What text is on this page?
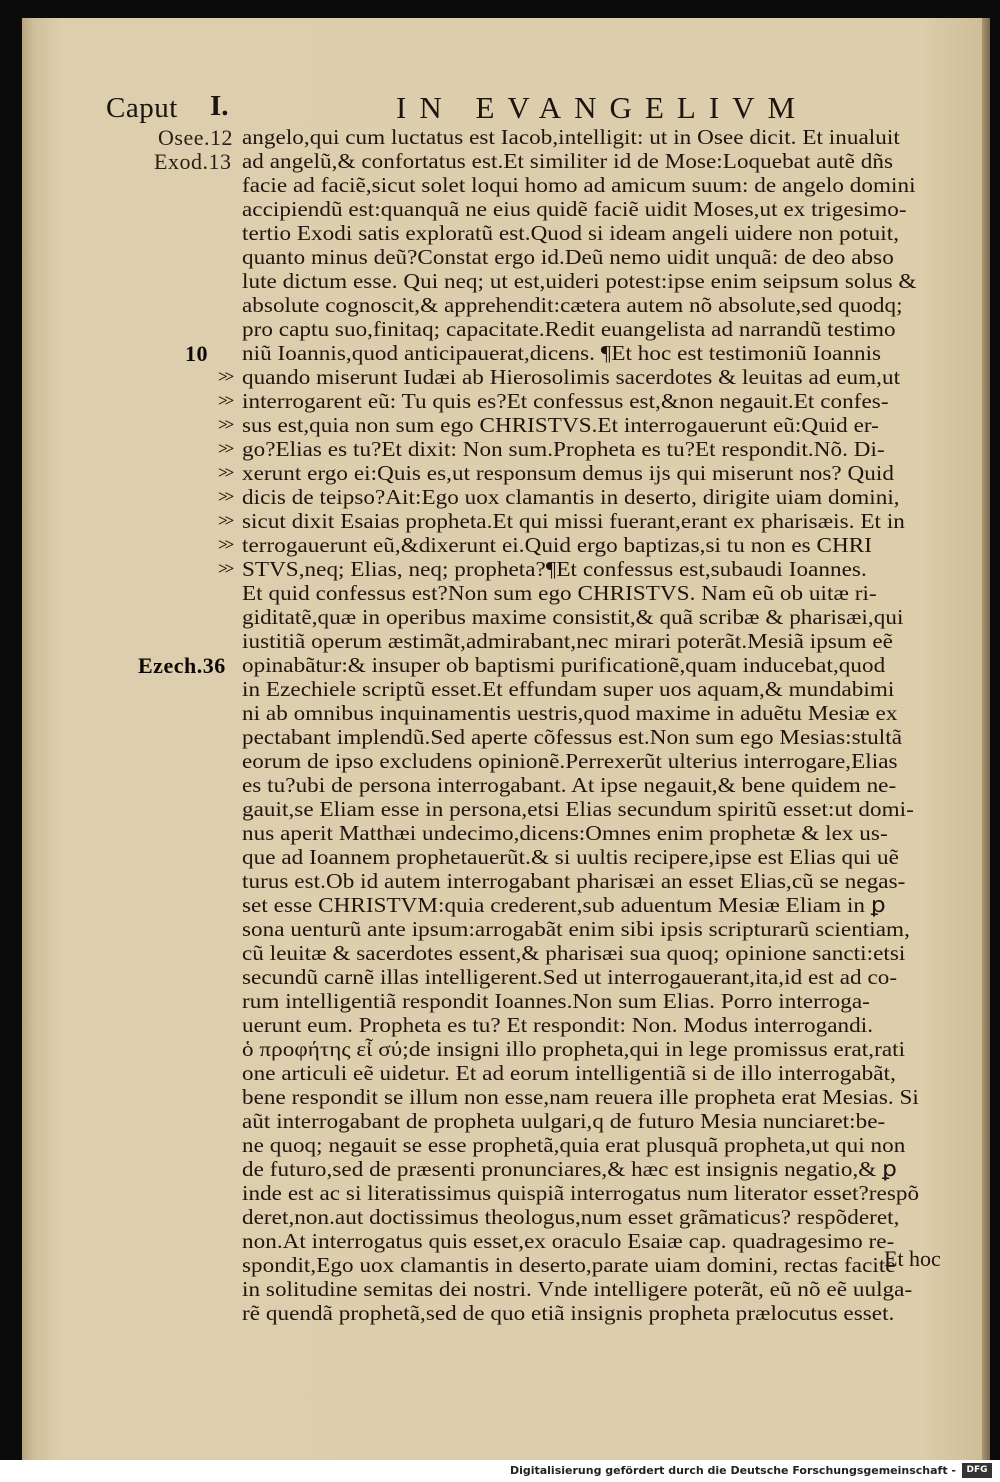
Caput I.	IN EVANGELIVM
Osee.12
Exod.13
10
Ezech.36
>>
>>
>>
>>
>>
>>
>>
>>
>>
angelo,qui cum luctatus est Iacob,intelligit: ut in Osee dicit. Et inualuit
ad angelũ,& confortatus est.Et similiter id de Mose:Loquebat autẽ dñs
facie ad faciẽ,sicut solet loqui homo ad amicum suum: de angelo domini
accipiendũ est:quanquã ne eius quidẽ faciẽ uidit Moses,ut ex trigesimo-
tertio Exodi satis exploratũ est.Quod si ideam angeli uidere non potuit,
quanto minus deũ?Constat ergo id.Deũ nemo uidit unquã: de deo abso
lute dictum esse. Qui neq; ut est,uideri potest:ipse enim seipsum solus &
absolute cognoscit,& apprehendit:cætera autem nõ absolute,sed quodq;
pro captu suo,finitaq; capacitate.Redit euangelista ad narrandũ testimo
niũ Ioannis,quod anticipauerat,dicens. ¶Et hoc est testimoniũ Ioannis
quando miserunt Iudæi ab Hierosolimis sacerdotes & leuitas ad eum,ut
interrogarent eũ: Tu quis es?Et confessus est,&non negauit.Et confes-
sus est,quia non sum ego CHRISTVS.Et interrogauerunt eũ:Quid er-
go?Elias es tu?Et dixit: Non sum.Propheta es tu?Et respondit.Nõ. Di-
xerunt ergo ei:Quis es,ut responsum demus ijs qui miserunt nos? Quid
dicis de teipso?Ait:Ego uox clamantis in deserto, dirigite uiam domini,
sicut dixit Esaias propheta.Et qui missi fuerant,erant ex pharisæis. Et in
terrogauerunt eũ,&dixerunt ei.Quid ergo baptizas,si tu non es CHRI
STVS,neq; Elias, neq; propheta?¶Et confessus est,subaudi Ioannes.
Et quid confessus est?Non sum ego CHRISTVS. Nam eũ ob uitæ ri-
giditatẽ,quæ in operibus maxime consistit,& quã scribæ & pharisæi,qui
iustitiã operum æstimãt,admirabant,nec mirari poterãt.Mesiã ipsum eẽ
opinabãtur:& insuper ob baptismi purificationẽ,quam inducebat,quod
in Ezechiele scriptũ esset.Et effundam super uos aquam,& mundabimi
ni ab omnibus inquinamentis uestris,quod maxime in aduẽtu Mesiæ ex
pectabant implendũ.Sed aperte cõfessus est.Non sum ego Mesias:stultã
eorum de ipso excludens opinionẽ.Perrexerũt ulterius interrogare,Elias
es tu?ubi de persona interrogabant. At ipse negauit,& bene quidem ne-
gauit,se Eliam esse in persona,etsi Elias secundum spiritũ esset:ut domi-
nus aperit Matthæi undecimo,dicens:Omnes enim prophetæ & lex us-
que ad Ioannem prophetauerũt.& si uultis recipere,ipse est Elias qui uẽ
turus est.Ob id autem interrogabant pharisæi an esset Elias,cũ se negas-
set esse CHRISTVM:quia crederent,sub aduentum Mesiæ Eliam in ꝑ
sona uenturũ ante ipsum:arrogabãt enim sibi ipsis scripturarũ scientiam,
cũ leuitæ & sacerdotes essent,& pharisæi sua quoq; opinione sancti:etsi
secundũ carnẽ illas intelligerent.Sed ut interrogauerant,ita,id est ad co-
rum intelligentiã respondit Ioannes.Non sum Elias. Porro interroga-
uerunt eum. Propheta es tu? Et respondit: Non. Modus interrogandi.
ὁ προφήτης εἶ σύ;de insigni illo propheta,qui in lege promissus erat,rati
one articuli eẽ uidetur. Et ad eorum intelligentiã si de illo interrogabãt,
bene respondit se illum non esse,nam reuera ille propheta erat Mesias. Si
aũt interrogabant de propheta uulgari,q de futuro Mesia nunciaret:be-
ne quoq; negauit se esse prophetã,quia erat plusquã propheta,ut qui non
de futuro,sed de præsenti pronunciares,& hæc est insignis negatio,& ꝑ
inde est ac si literatissimus quispiã interrogatus num literator esset?respõ
deret,non.aut doctissimus theologus,num esset grãmaticus? respõderet,
non.At interrogatus quis esset,ex oraculo Esaiæ cap. quadragesimo re-
spondit,Ego uox clamantis in deserto,parate uiam domini, rectas facite
in solitudine semitas dei nostri. Vnde intelligere poterãt, eũ nõ eẽ uulga-
rẽ quendã prophetã,sed de quo etiã insignis propheta prælocutus esset.
Et hoc
Digitalisierung gefördert durch die Deutsche Forschungsgemeinschaft -	DFG
